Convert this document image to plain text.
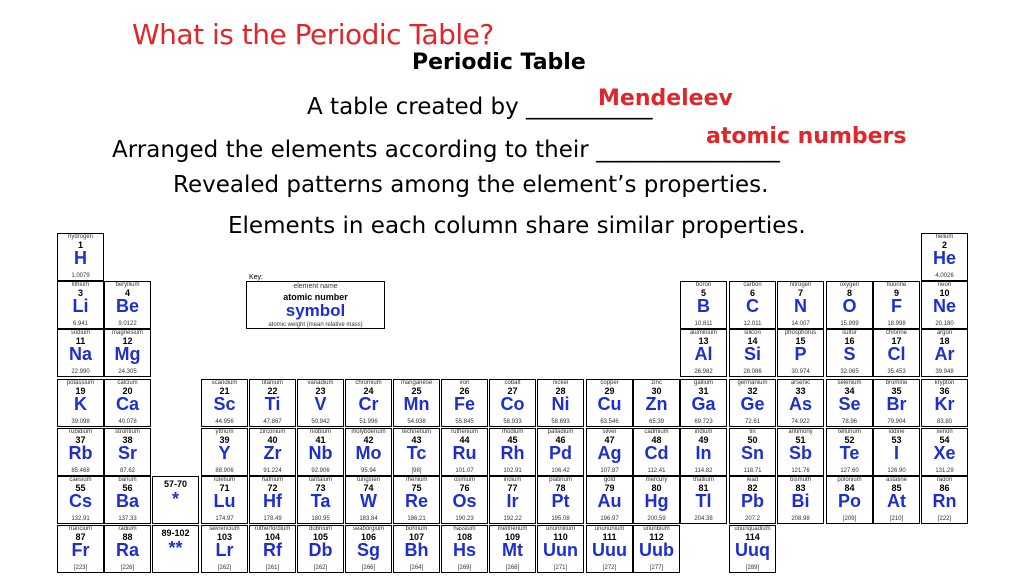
What is the Periodic Table?
Periodic Table
A table created by ___________
Arranged the elements according to their ________________
Revealed patterns among the element’s properties.
Elements in each column share similar properties.
Mendeleev
atomic numbers
Key:
element name
atomic number
symbol
atomic weight (mean relative mass)
57-70
*
89-102
**
hydrogen
1
H
1.0079
helium
2
He
4.0026
lithium
3
Li
6.941
beryllium
4
Be
9.0122
boron
5
B
10.811
carbon
6
C
12.011
nitrogen
7
N
14.007
oxygen
8
O
15.999
fluorine
9
F
18.998
neon
10
Ne
20.180
sodium
11
Na
22.990
magnesium
12
Mg
24.305
aluminium
13
Al
26.982
silicon
14
Si
28.086
phosphorus
15
P
30.974
sulfur
16
S
32.065
chlorine
17
Cl
35.453
argon
18
Ar
39.948
potassium
19
K
39.098
calcium
20
Ca
40.078
scandium
21
Sc
44.956
titanium
22
Ti
47.867
vanadium
23
V
50.942
chromium
24
Cr
51.996
manganese
25
Mn
54.938
iron
26
Fe
55.845
cobalt
27
Co
58.933
nickel
28
Ni
58.693
copper
29
Cu
63.546
zinc
30
Zn
65.39
gallium
31
Ga
69.723
germanium
32
Ge
72.61
arsenic
33
As
74.922
selenium
34
Se
78.96
bromine
35
Br
79.904
krypton
36
Kr
83.80
rubidium
37
Rb
85.468
strontium
38
Sr
87.62
yttrium
39
Y
88.906
zirconium
40
Zr
91.224
niobium
41
Nb
92.906
molybdenum
42
Mo
95.94
technetium
43
Tc
[98]
ruthenium
44
Ru
101.07
rhodium
45
Rh
102.91
palladium
46
Pd
106.42
silver
47
Ag
107.87
cadmium
48
Cd
112.41
indium
49
In
114.82
tin
50
Sn
118.71
antimony
51
Sb
121.76
tellurium
52
Te
127.60
iodine
53
I
126.90
xenon
54
Xe
131.29
caesium
55
Cs
132.91
barium
56
Ba
137.33
lutetium
71
Lu
174.97
hafnium
72
Hf
178.49
tantalum
73
Ta
180.95
tungsten
74
W
183.84
rhenium
75
Re
186.21
osmium
76
Os
190.23
iridium
77
Ir
192.22
platinum
78
Pt
195.08
gold
79
Au
196.97
mercury
80
Hg
200.59
thallium
81
Tl
204.38
lead
82
Pb
207.2
bismuth
83
Bi
208.98
polonium
84
Po
[209]
astatine
85
At
[210]
radon
86
Rn
[222]
francium
87
Fr
[223]
radium
88
Ra
[226]
lawrencium
103
Lr
[262]
rutherfordium
104
Rf
[261]
dubnium
105
Db
[262]
seaborgium
106
Sg
[266]
bohrium
107
Bh
[264]
hassium
108
Hs
[269]
meitnerium
109
Mt
[268]
ununnilium
110
Uun
[271]
unununium
111
Uuu
[272]
ununbium
112
Uub
[277]
ununquadium
114
Uuq
[289]
